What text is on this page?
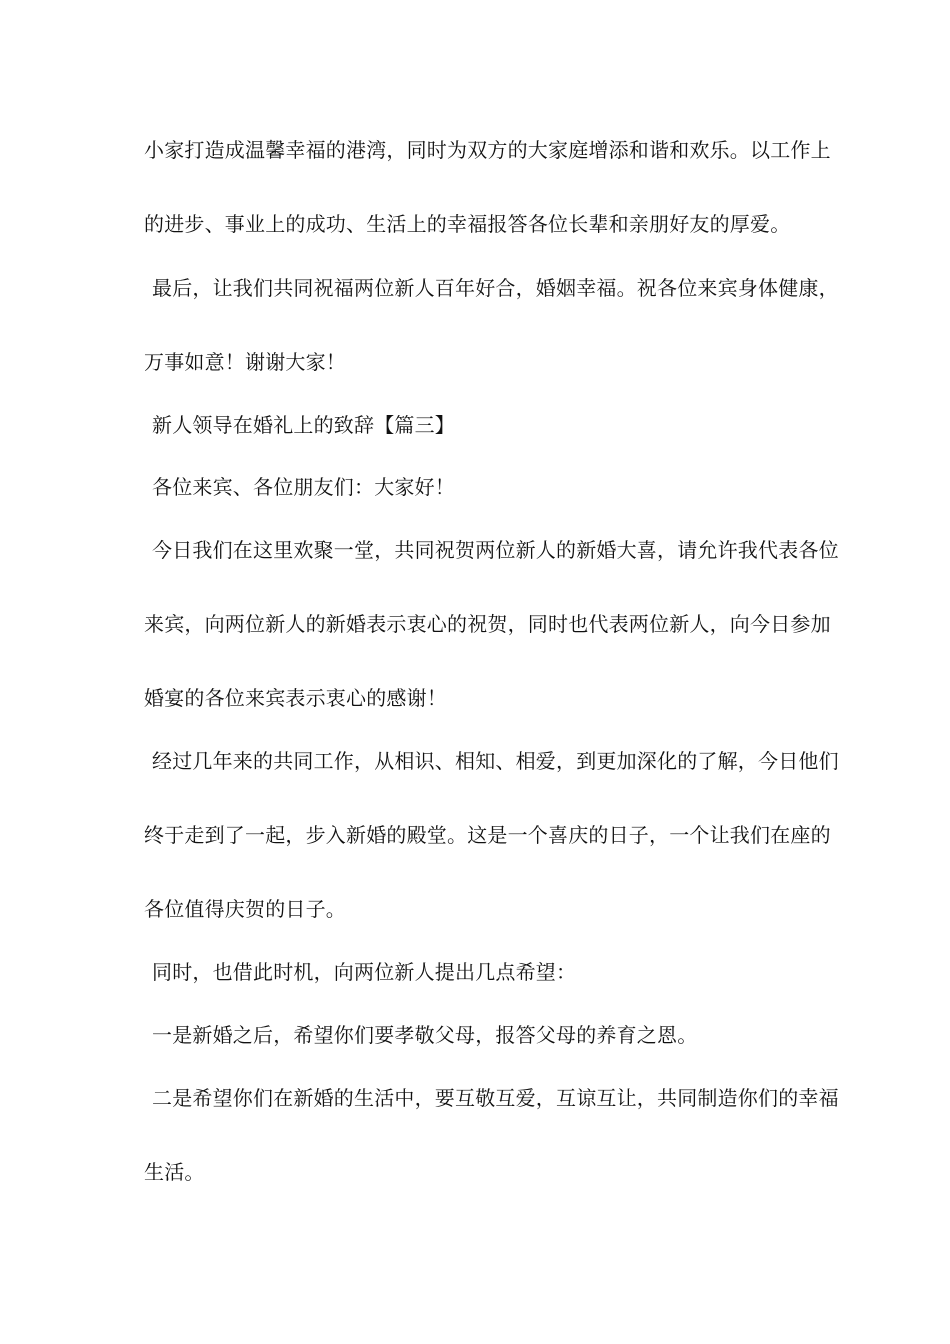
小家打造成温馨幸福的港湾，同时为双方的大家庭增添和谐和欢乐。以工作上
的进步、事业上的成功、生活上的幸福报答各位长辈和亲朋好友的厚爱。
最后，让我们共同祝福两位新人百年好合，婚姻幸福。祝各位来宾身体健康，
万事如意！谢谢大家！
新人领导在婚礼上的致辞【篇三】
各位来宾、各位朋友们：大家好！
今日我们在这里欢聚一堂，共同祝贺两位新人的新婚大喜，请允许我代表各位
来宾，向两位新人的新婚表示衷心的祝贺，同时也代表两位新人，向今日参加
婚宴的各位来宾表示衷心的感谢！
经过几年来的共同工作，从相识、相知、相爱，到更加深化的了解，今日他们
终于走到了一起，步入新婚的殿堂。这是一个喜庆的日子，一个让我们在座的
各位值得庆贺的日子。
同时，也借此时机，向两位新人提出几点希望：
一是新婚之后，希望你们要孝敬父母，报答父母的养育之恩。
二是希望你们在新婚的生活中，要互敬互爱，互谅互让，共同制造你们的幸福
生活。
